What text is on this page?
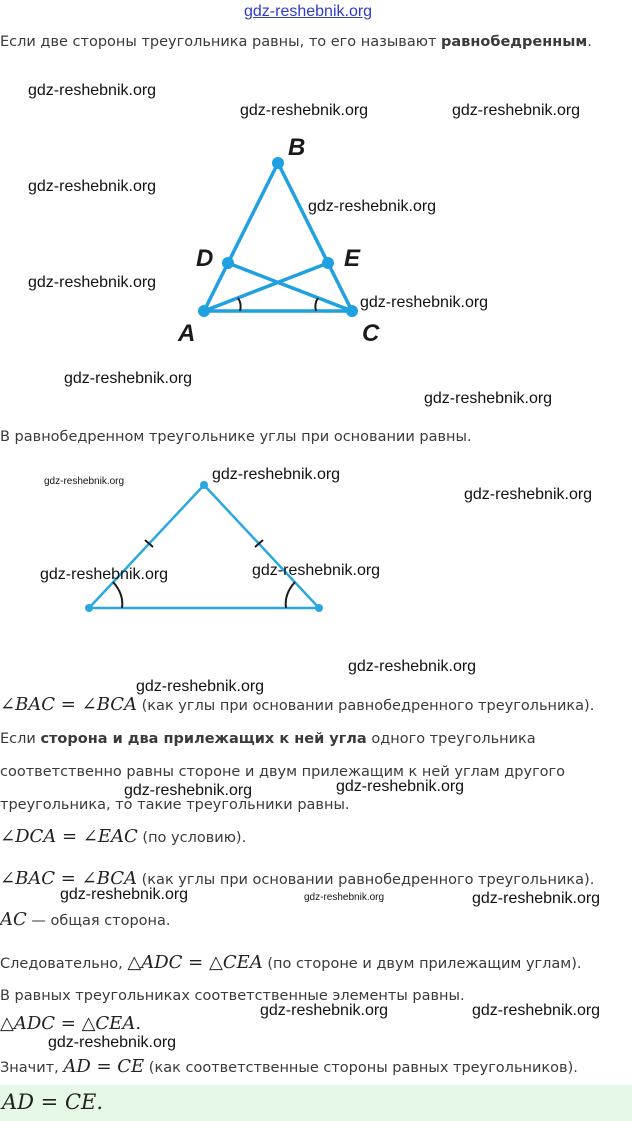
gdz-reshebnik.org
Если две стороны треугольника равны, то его называют равнобедренным.
B
D	E
A	C
В равнобедренном треугольнике углы при основании равны.
∠BAC = ∠BCA (как углы при основании равнобедренного треугольника).
Если сторона и два прилежащих к ней угла одного треугольника
соответственно равны стороне и двум прилежащим к ней углам другого
треугольника, то такие треугольники равны.
∠DCA = ∠EAC (по условию).
∠BAC = ∠BCA (как углы при основании равнобедренного треугольника).
AC — общая сторона.
Следовательно, △ADC = △CEA (по стороне и двум прилежащим углам).
В равных треугольниках соответственные элементы равны.
△ADC = △CEA.
Значит, AD = CE (как соответственные стороны равных треугольников).
AD = CE.
gdz-reshebnik.org
gdz-reshebnik.org	gdz-reshebnik.org
gdz-reshebnik.org
gdz-reshebnik.org
gdz-reshebnik.org
gdz-reshebnik.org
gdz-reshebnik.org
gdz-reshebnik.org
gdz-reshebnik.org	gdz-reshebnik.org
gdz-reshebnik.org
gdz-reshebnik.org	gdz-reshebnik.org
gdz-reshebnik.org
gdz-reshebnik.org
gdz-reshebnik.org	gdz-reshebnik.org
gdz-reshebnik.org	gdz-reshebnik.org	gdz-reshebnik.org
gdz-reshebnik.org	gdz-reshebnik.org
gdz-reshebnik.org
